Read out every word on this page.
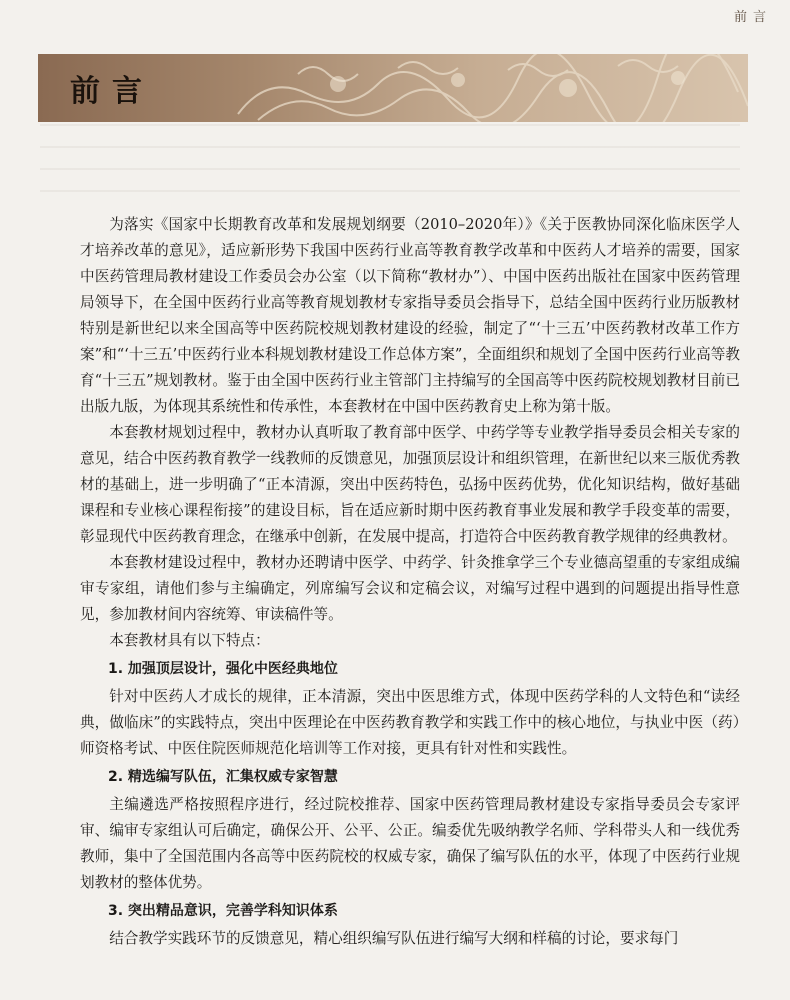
前言
前言

为落实《国家中长期教育改革和发展规划纲要（2010–2020年）》《关于医教协同深化临床医学人才培养改革的意见》，适应新形势下我国中医药行业高等教育教学改革和中医药人才培养的需要，国家中医药管理局教材建设工作委员会办公室（以下简称“教材办”）、中国中医药出版社在国家中医药管理局领导下，在全国中医药行业高等教育规划教材专家指导委员会指导下，总结全国中医药行业历版教材特别是新世纪以来全国高等中医药院校规划教材建设的经验，制定了“‘十三五’中医药教材改革工作方案”和“‘十三五’中医药行业本科规划教材建设工作总体方案”，全面组织和规划了全国中医药行业高等教育“十三五”规划教材。鉴于由全国中医药行业主管部门主持编写的全国高等中医药院校规划教材目前已出版九版，为体现其系统性和传承性，本套教材在中国中医药教育史上称为第十版。

本套教材规划过程中，教材办认真听取了教育部中医学、中药学等专业教学指导委员会相关专家的意见，结合中医药教育教学一线教师的反馈意见，加强顶层设计和组织管理，在新世纪以来三版优秀教材的基础上，进一步明确了“正本清源，突出中医药特色，弘扬中医药优势，优化知识结构，做好基础课程和专业核心课程衔接”的建设目标，旨在适应新时期中医药教育事业发展和教学手段变革的需要，彰显现代中医药教育理念，在继承中创新，在发展中提高，打造符合中医药教育教学规律的经典教材。

本套教材建设过程中，教材办还聘请中医学、中药学、针灸推拿学三个专业德高望重的专家组成编审专家组，请他们参与主编确定，列席编写会议和定稿会议，对编写过程中遇到的问题提出指导性意见，参加教材间内容统筹、审读稿件等。

本套教材具有以下特点：

1. 加强顶层设计，强化中医经典地位

针对中医药人才成长的规律，正本清源，突出中医思维方式，体现中医药学科的人文特色和“读经典，做临床”的实践特点，突出中医理论在中医药教育教学和实践工作中的核心地位，与执业中医（药）师资格考试、中医住院医师规范化培训等工作对接，更具有针对性和实践性。

2. 精选编写队伍，汇集权威专家智慧

主编遴选严格按照程序进行，经过院校推荐、国家中医药管理局教材建设专家指导委员会专家评审、编审专家组认可后确定，确保公开、公平、公正。编委优先吸纳教学名师、学科带头人和一线优秀教师，集中了全国范围内各高等中医药院校的权威专家，确保了编写队伍的水平，体现了中医药行业规划教材的整体优势。

3. 突出精品意识，完善学科知识体系

结合教学实践环节的反馈意见，精心组织编写队伍进行编写大纲和样稿的讨论，要求每门
